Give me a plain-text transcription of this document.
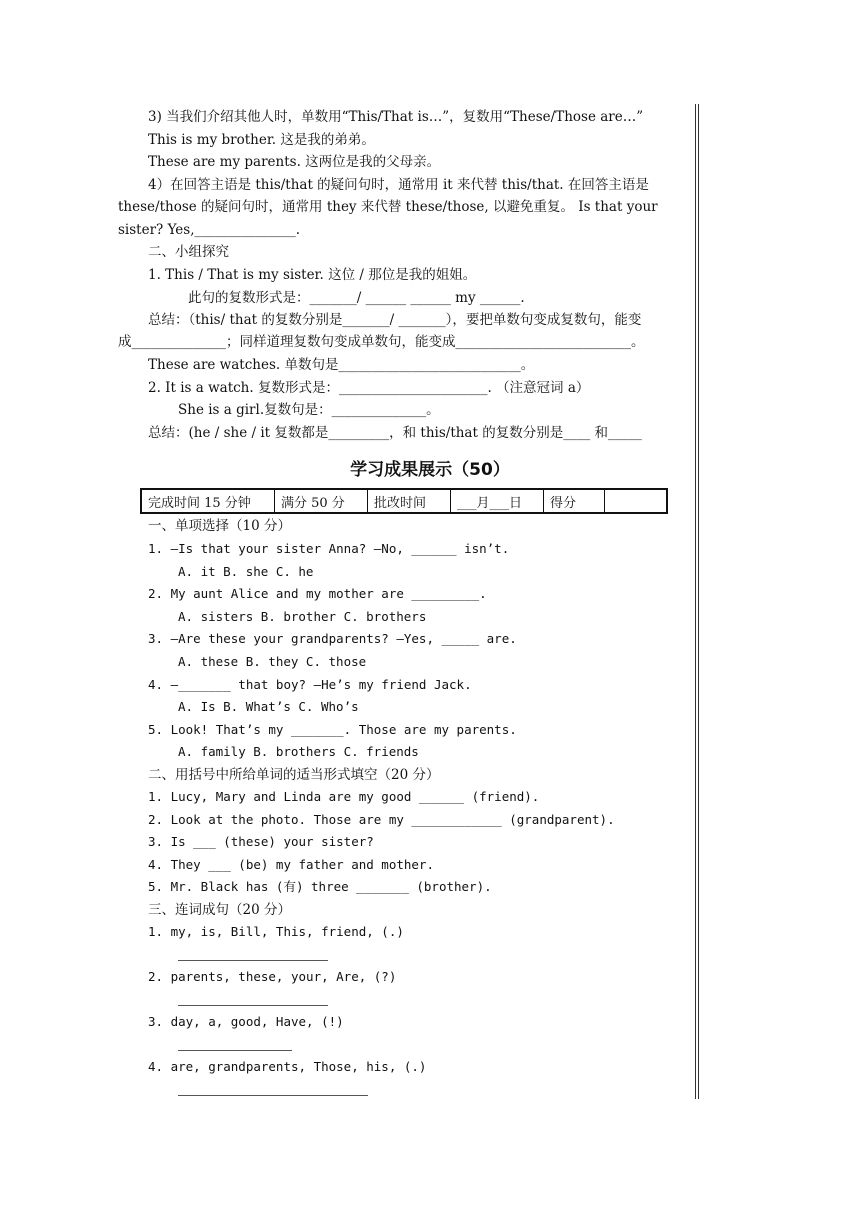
3) 当我们介绍其他人时，单数用“This/That is…”，复数用“These/Those are…”
This is my brother. 这是我的弟弟。
These are my parents. 这两位是我的父母亲。
4）在回答主语是 this/that 的疑问句时，通常用 it 来代替 this/that. 在回答主语是
these/those 的疑问句时，通常用 they 来代替 these/those, 以避免重复。 Is that your
sister? Yes,_______________.
二、小组探究
1. This / That is my sister. 这位 / 那位是我的姐姐。
此句的复数形式是：_______/ ______ ______ my ______.
总结：（this/ that 的复数分别是_______/ _______），要把单数句变成复数句，能变
成______________；同样道理复数句变成单数句，能变成__________________________。
These are watches. 单数句是___________________________。
2. It is a watch. 复数形式是：______________________. （注意冠词 a）
She is a girl.复数句是：______________。
总结：(he / she / it 复数都是_________，和 this/that 的复数分别是____ 和_____
学习成果展示（50）
完成时间 15 分钟	满分 50 分	批改时间	___月___日	得分	
一、单项选择（10 分）
1. —Is that your sister Anna? —No, ______ isn’t.
A. it B. she C. he
2. My aunt Alice and my mother are _________.
A. sisters B. brother C. brothers
3. —Are these your grandparents? —Yes, _____ are.
A. these B. they C. those
4. —_______ that boy? —He’s my friend Jack.
A. Is B. What’s C. Who’s
5. Look! That’s my _______. Those are my parents.
A. family B. brothers C. friends
二、用括号中所给单词的适当形式填空（20 分）
1. Lucy, Mary and Linda are my good ______ (friend).
2. Look at the photo. Those are my ____________ (grandparent).
3. Is ___ (these) your sister?
4. They ___ (be) my father and mother.
5. Mr. Black has (有) three _______ (brother).
三、连词成句（20 分）
1. my, is, Bill, This, friend, (.)
2. parents, these, your, Are, (?)
3. day, a, good, Have, (!)
4. are, grandparents, Those, his, (.)
